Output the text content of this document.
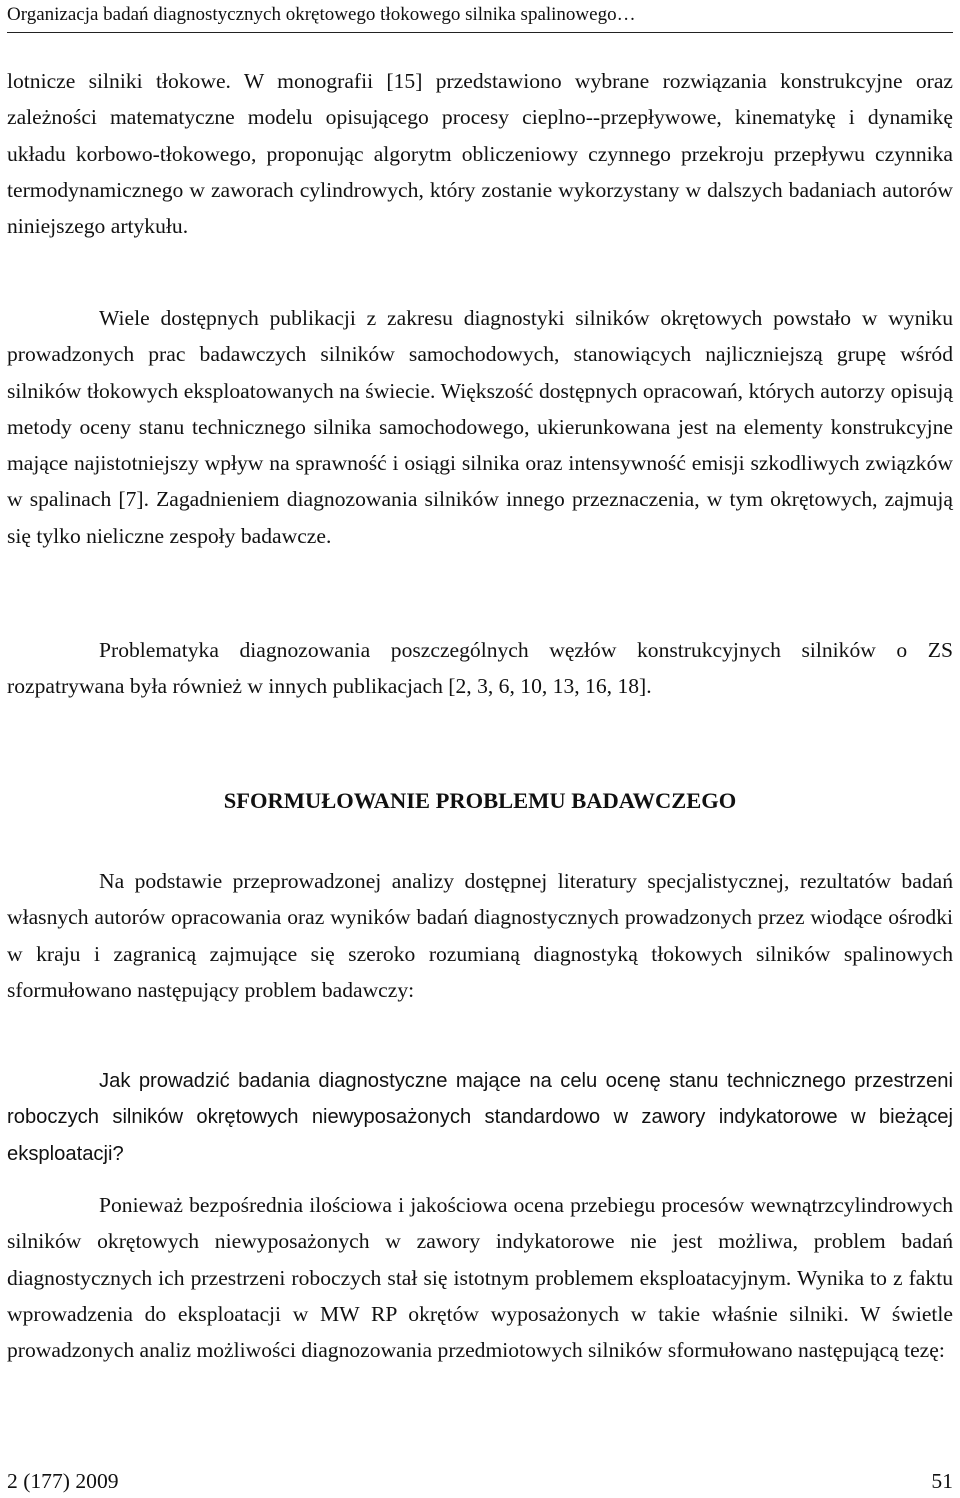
Organizacja badań diagnostycznych okrętowego tłokowego silnika spalinowego…

lotnicze silniki tłokowe. W monografii [15] przedstawiono wybrane rozwiązania konstrukcyjne oraz zależności matematyczne modelu opisującego procesy cieplno--przepływowe, kinematykę i dynamikę układu korbowo-tłokowego, proponując algorytm obliczeniowy czynnego przekroju przepływu czynnika termodynamicznego w zaworach cylindrowych, który zostanie wykorzystany w dalszych badaniach autorów niniejszego artykułu.

Wiele dostępnych publikacji z zakresu diagnostyki silników okrętowych powstało w wyniku prowadzonych prac badawczych silników samochodowych, stanowiących najliczniejszą grupę wśród silników tłokowych eksploatowanych na świecie. Większość dostępnych opracowań, których autorzy opisują metody oceny stanu technicznego silnika samochodowego, ukierunkowana jest na elementy konstrukcyjne mające najistotniejszy wpływ na sprawność i osiągi silnika oraz intensywność emisji szkodliwych związków w spalinach [7]. Zagadnieniem diagnozowania silników innego przeznaczenia, w tym okrętowych, zajmują się tylko nieliczne zespoły badawcze.

Problematyka diagnozowania poszczególnych węzłów konstrukcyjnych silników o ZS rozpatrywana była również w innych publikacjach [2, 3, 6, 10, 13, 16, 18].

SFORMUŁOWANIE PROBLEMU BADAWCZEGO

Na podstawie przeprowadzonej analizy dostępnej literatury specjalistycznej, rezultatów badań własnych autorów opracowania oraz wyników badań diagnostycznych prowadzonych przez wiodące ośrodki w kraju i zagranicą zajmujące się szeroko rozumianą diagnostyką tłokowych silników spalinowych sformułowano następujący problem badawczy:

Jak prowadzić badania diagnostyczne mające na celu ocenę stanu technicznego przestrzeni roboczych silników okrętowych niewyposażonych standardowo w zawory indykatorowe w bieżącej eksploatacji?

Ponieważ bezpośrednia ilościowa i jakościowa ocena przebiegu procesów wewnątrzcylindrowych silników okrętowych niewyposażonych w zawory indykatorowe nie jest możliwa, problem badań diagnostycznych ich przestrzeni roboczych stał się istotnym problemem eksploatacyjnym. Wynika to z faktu wprowadzenia do eksploatacji w MW RP okrętów wyposażonych w takie właśnie silniki. W świetle prowadzonych analiz możliwości diagnozowania przedmiotowych silników sformułowano następującą tezę:

2 (177) 2009	51
